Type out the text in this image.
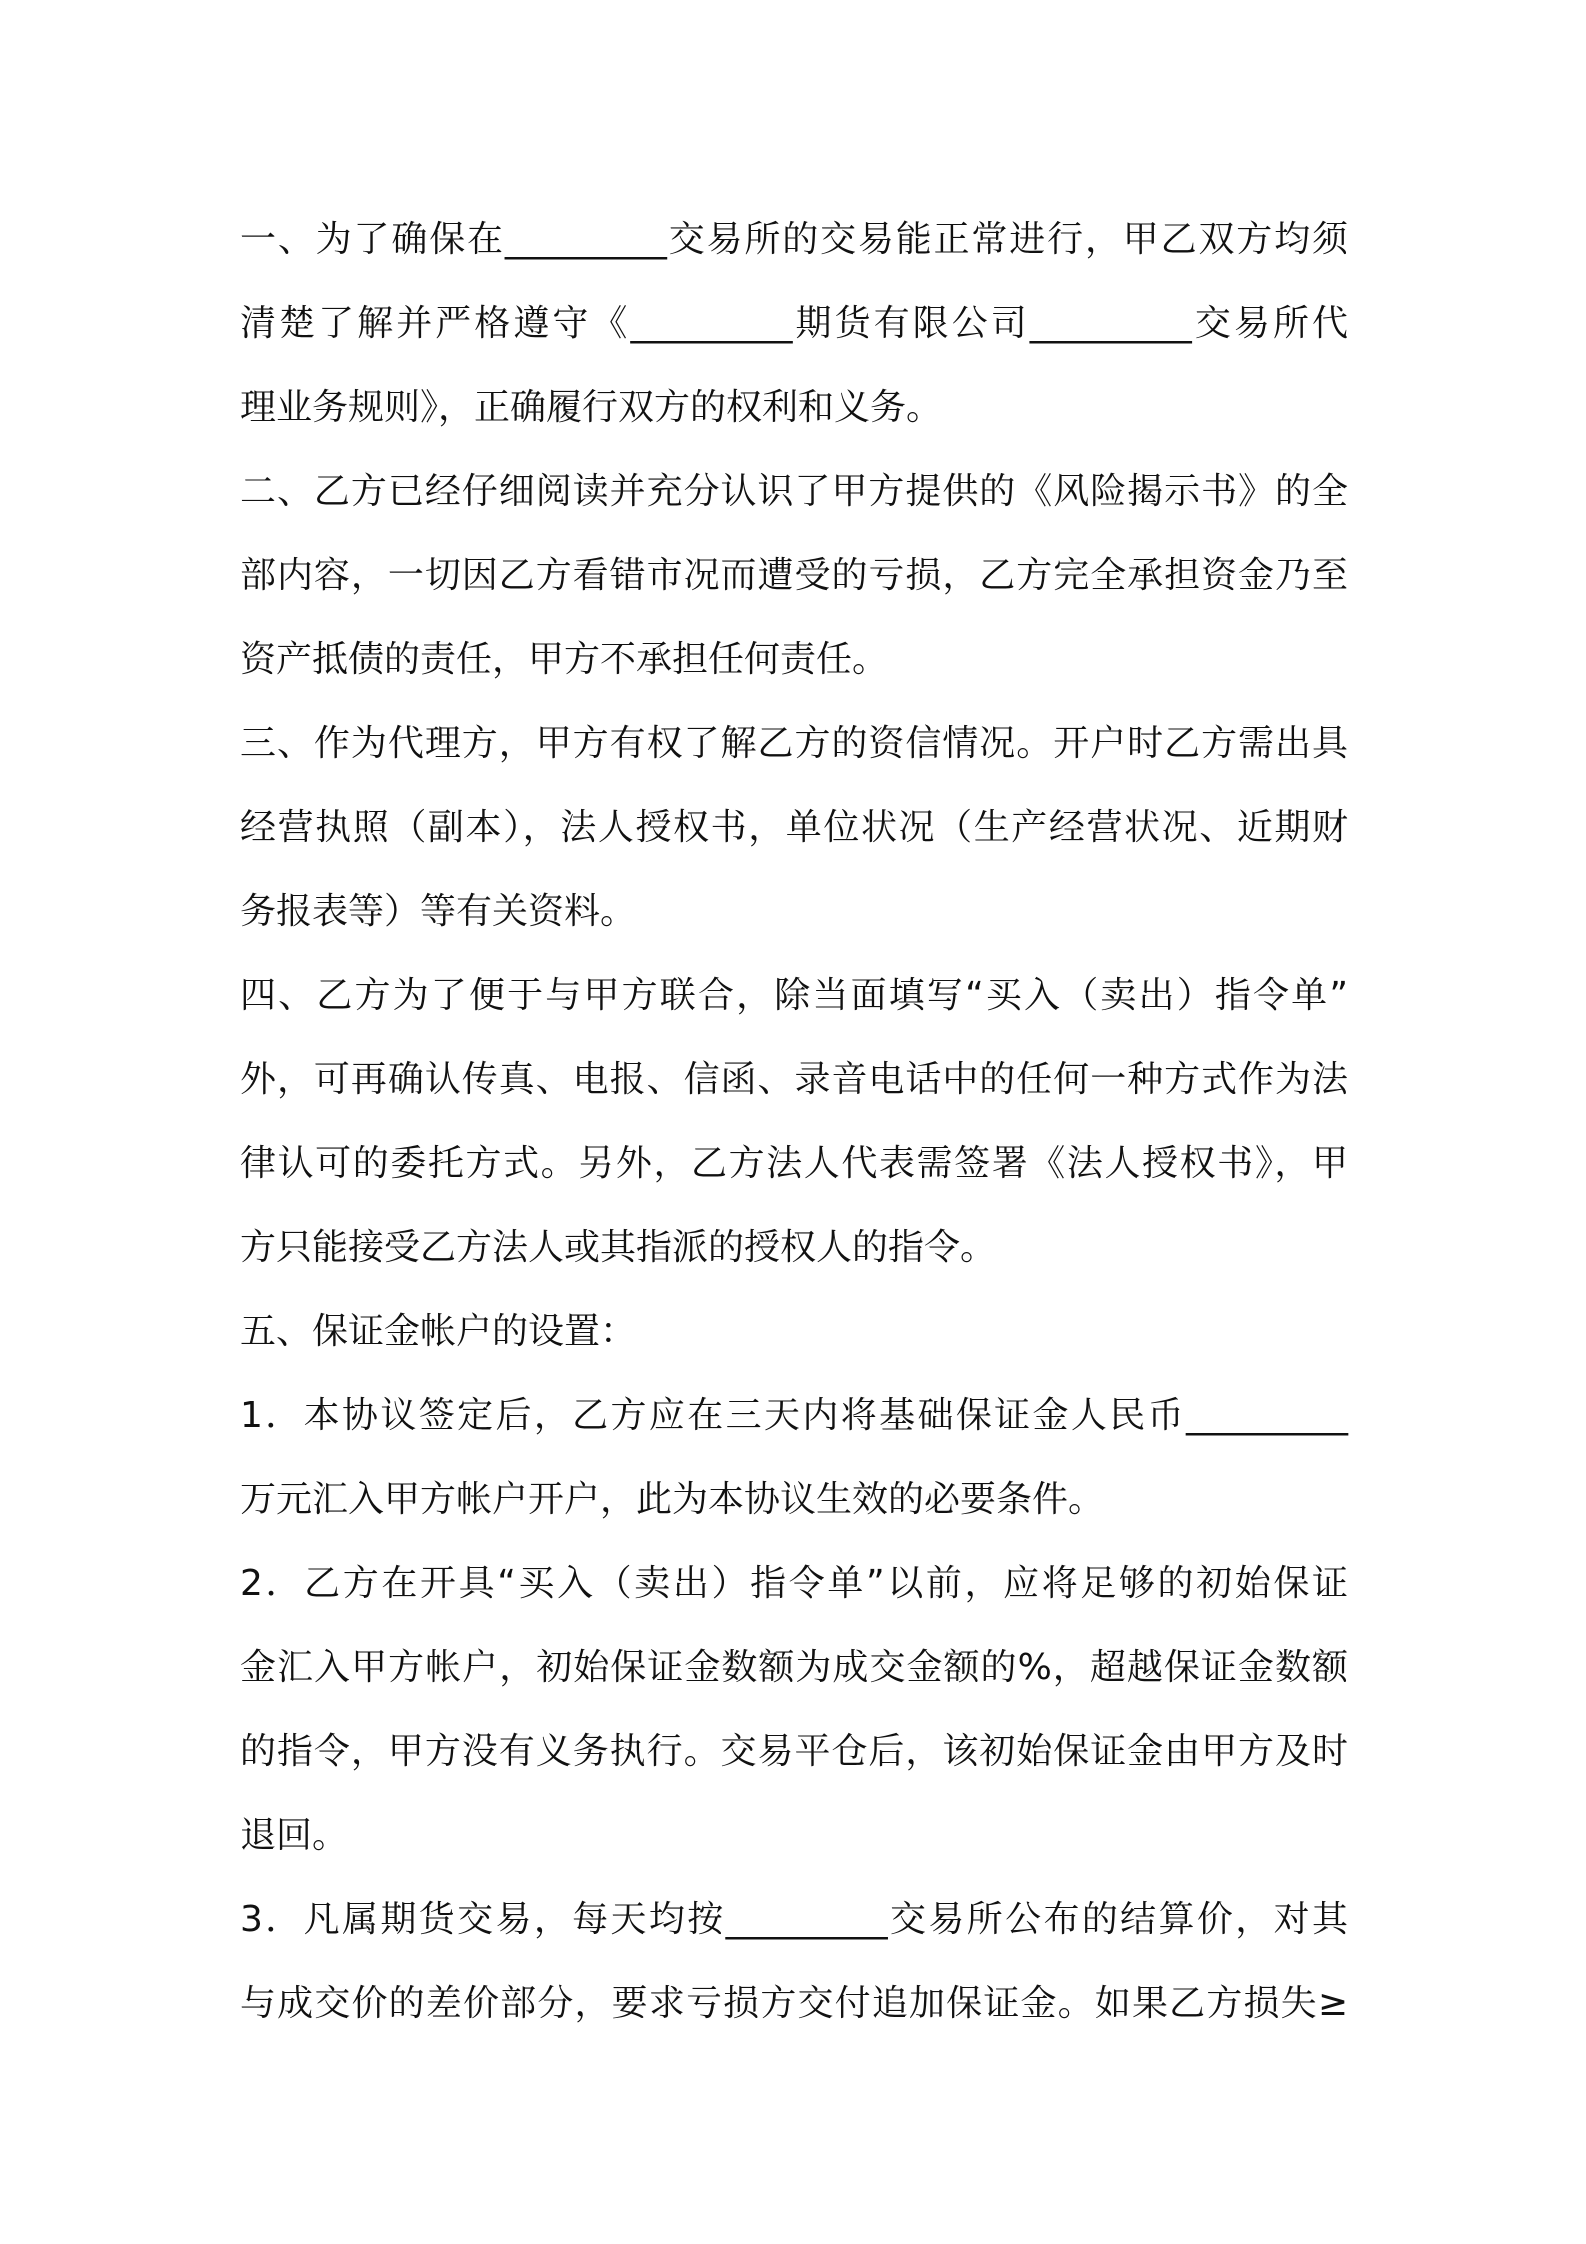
一、为了确保在_________交易所的交易能正常进行，甲乙双方均须
清楚了解并严格遵守《_________期货有限公司_________交易所代
理业务规则》，正确履行双方的权利和义务。
二、乙方已经仔细阅读并充分认识了甲方提供的《风险揭示书》的全
部内容，一切因乙方看错市况而遭受的亏损，乙方完全承担资金乃至
资产抵债的责任，甲方不承担任何责任。
三、作为代理方，甲方有权了解乙方的资信情况。开户时乙方需出具
经营执照（副本），法人授权书，单位状况（生产经营状况、近期财
务报表等）等有关资料。
四、乙方为了便于与甲方联合，除当面填写“买入（卖出）指令单”
外，可再确认传真、电报、信函、录音电话中的任何一种方式作为法
律认可的委托方式。另外，乙方法人代表需签署《法人授权书》，甲
方只能接受乙方法人或其指派的授权人的指令。
五、保证金帐户的设置：
1．本协议签定后，乙方应在三天内将基础保证金人民币_________
万元汇入甲方帐户开户，此为本协议生效的必要条件。
2．乙方在开具“买入（卖出）指令单”以前，应将足够的初始保证
金汇入甲方帐户，初始保证金数额为成交金额的%，超越保证金数额
的指令，甲方没有义务执行。交易平仓后，该初始保证金由甲方及时
退回。
3．凡属期货交易，每天均按_________交易所公布的结算价，对其
与成交价的差价部分，要求亏损方交付追加保证金。如果乙方损失≥
